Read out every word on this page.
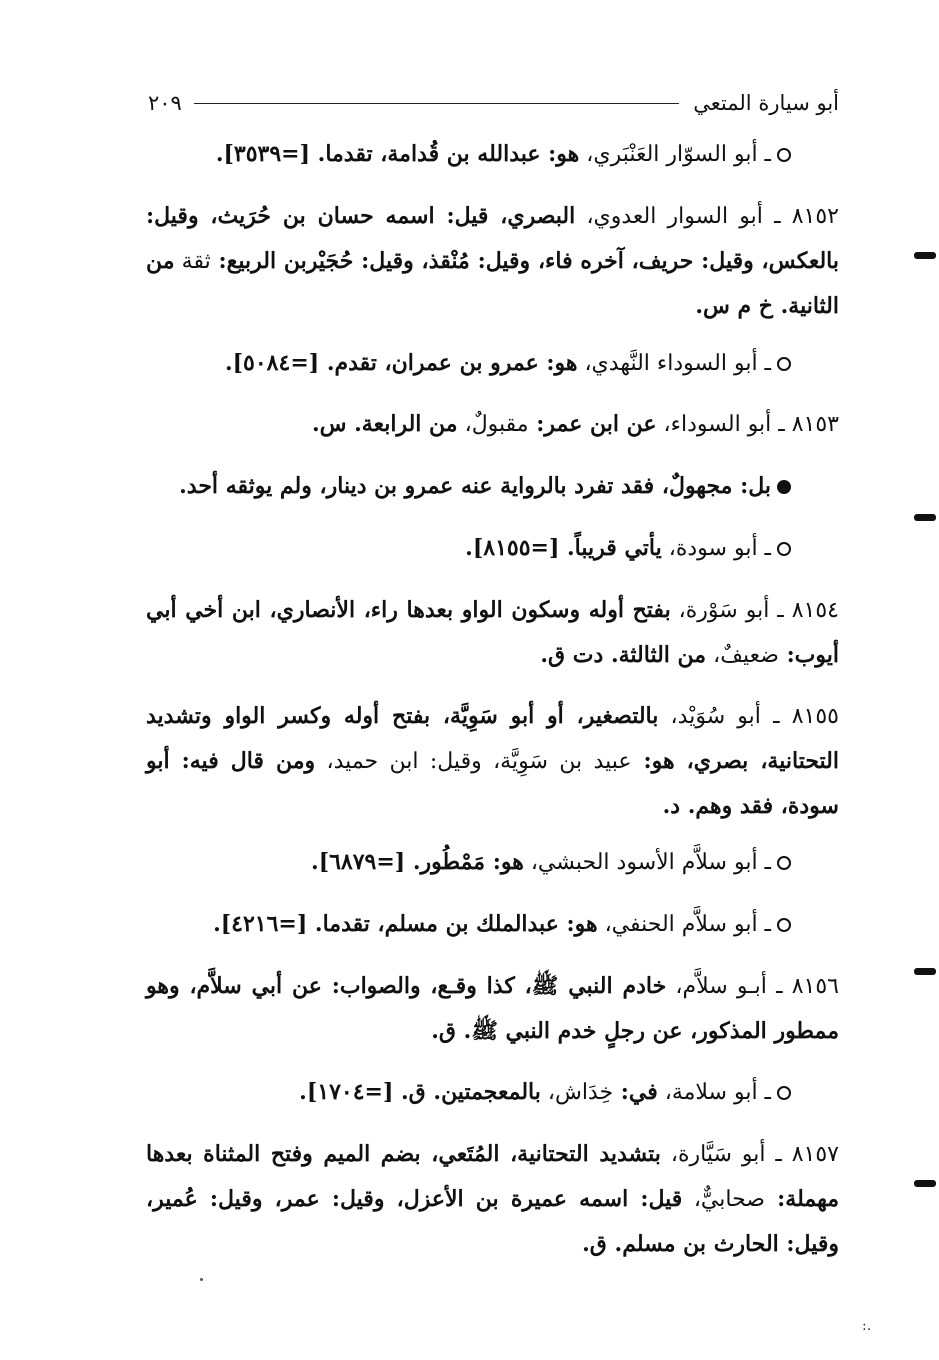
أبو سيارة المتعي
٢٠٩
ـ أبو السوّار العَنْبَري، هو: عبدالله بن قُدامة، تقدما. [=٣٥٣٩].
٨١٥٢ ـ أبو السوار العدوي، البصري، قيل: اسمه حسان بن حُرَيث، وقيل: بالعكس، وقيل: حريف، آخره فاء، وقيل: مُنْقذ، وقيل: حُجَيْربن الربيع: ثقة من الثانية. خ م س.
ـ أبو السوداء النَّهدي، هو: عمرو بن عمران، تقدم. [=٥٠٨٤].
٨١٥٣ ـ أبو السوداء، عن ابن عمر: مقبولٌ، من الرابعة. س.
بل: مجهولٌ، فقد تفرد بالرواية عنه عمرو بن دينار، ولم يوثقه أحد.
ـ أبو سودة، يأتي قريباً. [=٨١٥٥].
٨١٥٤ ـ أبو سَوْرة، بفتح أوله وسكون الواو بعدها راء، الأنصاري، ابن أخي أبي أيوب: ضعيفٌ، من الثالثة. دت ق.
٨١٥٥ ـ أبو سُوَيْد، بالتصغير، أو أبو سَوِيَّة، بفتح أوله وكسر الواو وتشديد التحتانية، بصري، هو: عبيد بن سَوِيَّة، وقيل: ابن حميد، ومن قال فيه: أبو سودة، فقد وهم. د.
ـ أبو سلاَّم الأسود الحبشي، هو: مَمْطُور. [=٦٨٧٩].
ـ أبو سلاَّم الحنفي، هو: عبدالملك بن مسلم، تقدما. [=٤٢١٦].
٨١٥٦ ـ أبـو سلاَّم، خادم النبي ﷺ، كذا وقـع، والصواب: عن أبي سلاَّم، وهو ممطور المذكور، عن رجلٍ خدم النبي ﷺ. ق.
ـ أبو سلامة، في: خِدَاش، بالمعجمتين. ق. [=١٧٠٤].
٨١٥٧ ـ أبو سَيَّارة، بتشديد التحتانية، المُتَعي، بضم الميم وفتح المثناة بعدها مهملة: صحابيٌّ، قيل: اسمه عميرة بن الأعزل، وقيل: عمر، وقيل: عُمير، وقيل: الحارث بن مسلم. ق.
.:
